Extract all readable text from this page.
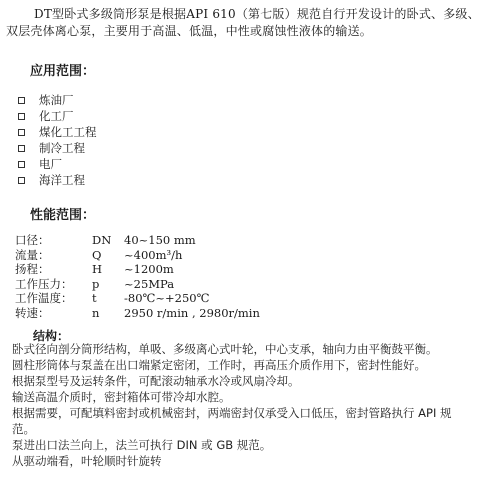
DT型卧式多级筒形泵是根据API 610（第七版）规范自行开发设计的卧式、多级、
双层壳体离心泵，主要用于高温、低温，中性或腐蚀性液体的输送。
应用范围：
炼油厂
化工厂
煤化工工程
制冷工程
电厂
海洋工程
性能范围：
口径：	DN	40~150 mm
流量：	Q	~400m³/h
扬程：	H	~1200m
工作压力：	p	~25MPa
工作温度：	t	-80℃~+250℃
转速：	n	2950 r/min , 2980r/min
结构：
卧式径向剖分筒形结构，单吸、多级离心式叶轮，中心支承，轴向力由平衡鼓平衡。
圆柱形筒体与泵盖在出口端紧定密闭，工作时，再高压介质作用下，密封性能好。
根据泵型号及运转条件，可配滚动轴承水冷或风扇冷却。
输送高温介质时，密封箱体可带冷却水腔。
根据需要，可配填料密封或机械密封，两端密封仅承受入口低压，密封管路执行 API 规
范。
泵进出口法兰向上，法兰可执行 DIN 或 GB 规范。
从驱动端看，叶轮顺时针旋转
